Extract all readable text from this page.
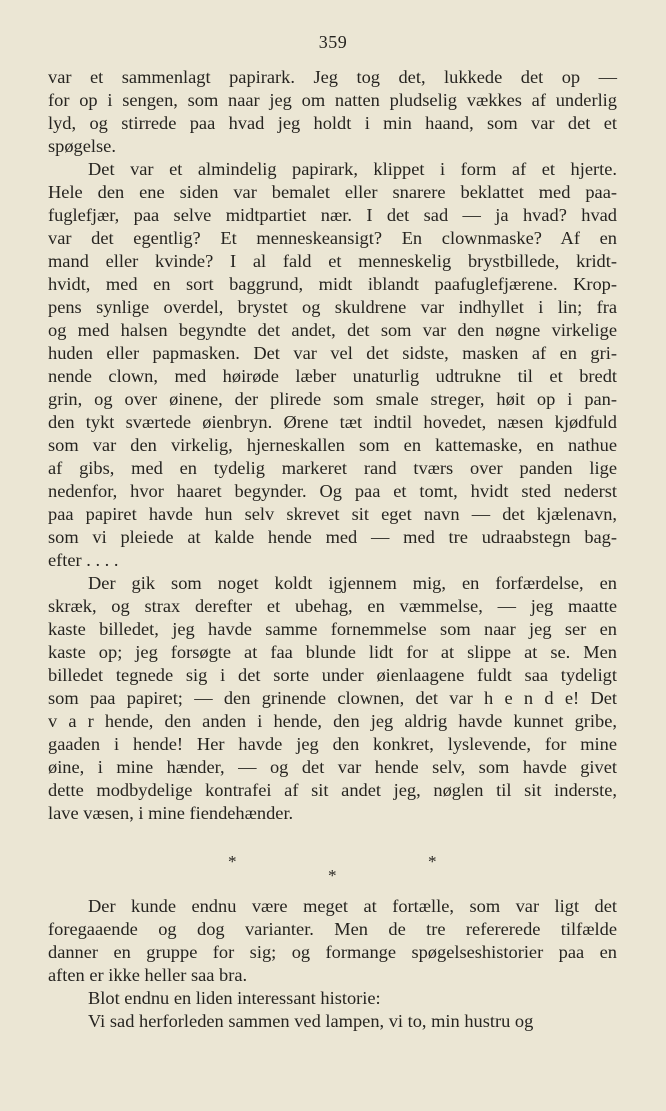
359
var et sammenlagt papirark. Jeg tog det, lukkede det op —
for op i sengen, som naar jeg om natten pludselig vækkes af underlig
lyd, og stirrede paa hvad jeg holdt i min haand, som var det et
spøgelse.
Det var et almindelig papirark, klippet i form af et hjerte.
Hele den ene siden var bemalet eller snarere beklattet med paa-
fuglefjær, paa selve midtpartiet nær. I det sad — ja hvad? hvad
var det egentlig? Et menneskeansigt? En clownmaske? Af en
mand eller kvinde? I al fald et menneskelig brystbillede, kridt-
hvidt, med en sort baggrund, midt iblandt paafuglefjærene. Krop-
pens synlige overdel, brystet og skuldrene var indhyllet i lin; fra
og med halsen begyndte det andet, det som var den nøgne virkelige
huden eller papmasken. Det var vel det sidste, masken af en gri-
nende clown, med høirøde læber unaturlig udtrukne til et bredt
grin, og over øinene, der plirede som smale streger, høit op i pan-
den tykt sværtede øienbryn. Ørene tæt indtil hovedet, næsen kjødfuld
som var den virkelig, hjerneskallen som en kattemaske, en nathue
af gibs, med en tydelig markeret rand tværs over panden lige
nedenfor, hvor haaret begynder. Og paa et tomt, hvidt sted nederst
paa papiret havde hun selv skrevet sit eget navn — det kjælenavn,
som vi pleiede at kalde hende med — med tre udraabstegn bag-
efter . . . .
Der gik som noget koldt igjennem mig, en forfærdelse, en
skræk, og strax derefter et ubehag, en væmmelse, — jeg maatte
kaste billedet, jeg havde samme fornemmelse som naar jeg ser en
kaste op; jeg forsøgte at faa blunde lidt for at slippe at se. Men
billedet tegnede sig i det sorte under øienlaagene fuldt saa tydeligt
som paa papiret; — den grinende clownen, det var h e n d e! Det
v a r hende, den anden i hende, den jeg aldrig havde kunnet gribe,
gaaden i hende! Her havde jeg den konkret, lyslevende, for mine
øine, i mine hænder, — og det var hende selv, som havde givet
dette modbydelige kontrafei af sit andet jeg, nøglen til sit inderste,
lave væsen, i mine fiendehænder.
*	*
*
Der kunde endnu være meget at fortælle, som var ligt det
foregaaende og dog varianter. Men de tre refererede tilfælde
danner en gruppe for sig; og formange spøgelseshistorier paa en
aften er ikke heller saa bra.
Blot endnu en liden interessant historie:
Vi sad herforleden sammen ved lampen, vi to, min hustru og
